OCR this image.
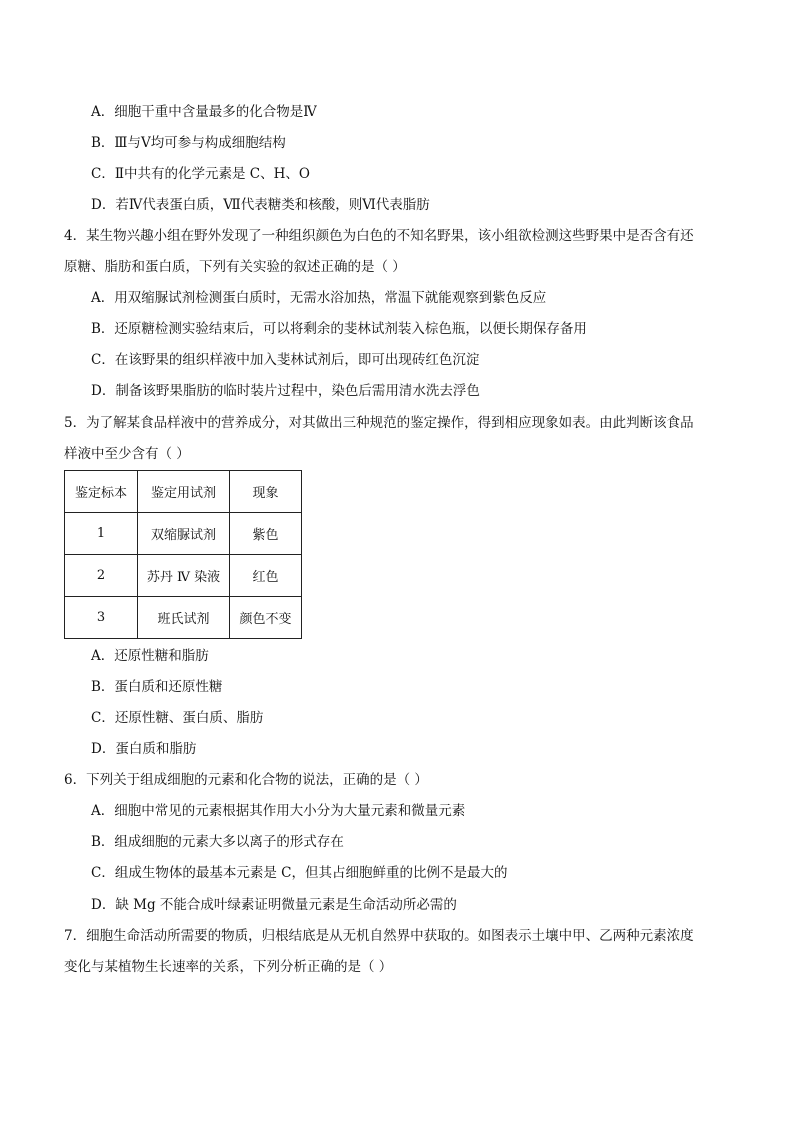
A．细胞干重中含量最多的化合物是Ⅳ
B．Ⅲ与Ⅴ均可参与构成细胞结构
C．Ⅱ中共有的化学元素是 C、H、O
D．若Ⅳ代表蛋白质，Ⅶ代表糖类和核酸，则Ⅵ代表脂肪
4．某生物兴趣小组在野外发现了一种组织颜色为白色的不知名野果，该小组欲检测这些野果中是否含有还
原糖、脂肪和蛋白质，下列有关实验的叙述正确的是（ ）
A．用双缩脲试剂检测蛋白质时，无需水浴加热，常温下就能观察到紫色反应
B．还原糖检测实验结束后，可以将剩余的斐林试剂装入棕色瓶，以便长期保存备用
C．在该野果的组织样液中加入斐林试剂后，即可出现砖红色沉淀
D．制备该野果脂肪的临时装片过程中，染色后需用清水洗去浮色
5．为了解某食品样液中的营养成分，对其做出三种规范的鉴定操作，得到相应现象如表。由此判断该食品
样液中至少含有（ ）
鉴定标本	鉴定用试剂	现象
1	双缩脲试剂	紫色
2	苏丹 Ⅳ 染液	红色
3	班氏试剂	颜色不变
A．还原性糖和脂肪
B．蛋白质和还原性糖
C．还原性糖、蛋白质、脂肪
D．蛋白质和脂肪
6．下列关于组成细胞的元素和化合物的说法，正确的是（ ）
A．细胞中常见的元素根据其作用大小分为大量元素和微量元素
B．组成细胞的元素大多以离子的形式存在
C．组成生物体的最基本元素是 C，但其占细胞鲜重的比例不是最大的
D．缺 Mg 不能合成叶绿素证明微量元素是生命活动所必需的
7．细胞生命活动所需要的物质，归根结底是从无机自然界中获取的。如图表示土壤中甲、乙两种元素浓度
变化与某植物生长速率的关系，下列分析正确的是（ ）
